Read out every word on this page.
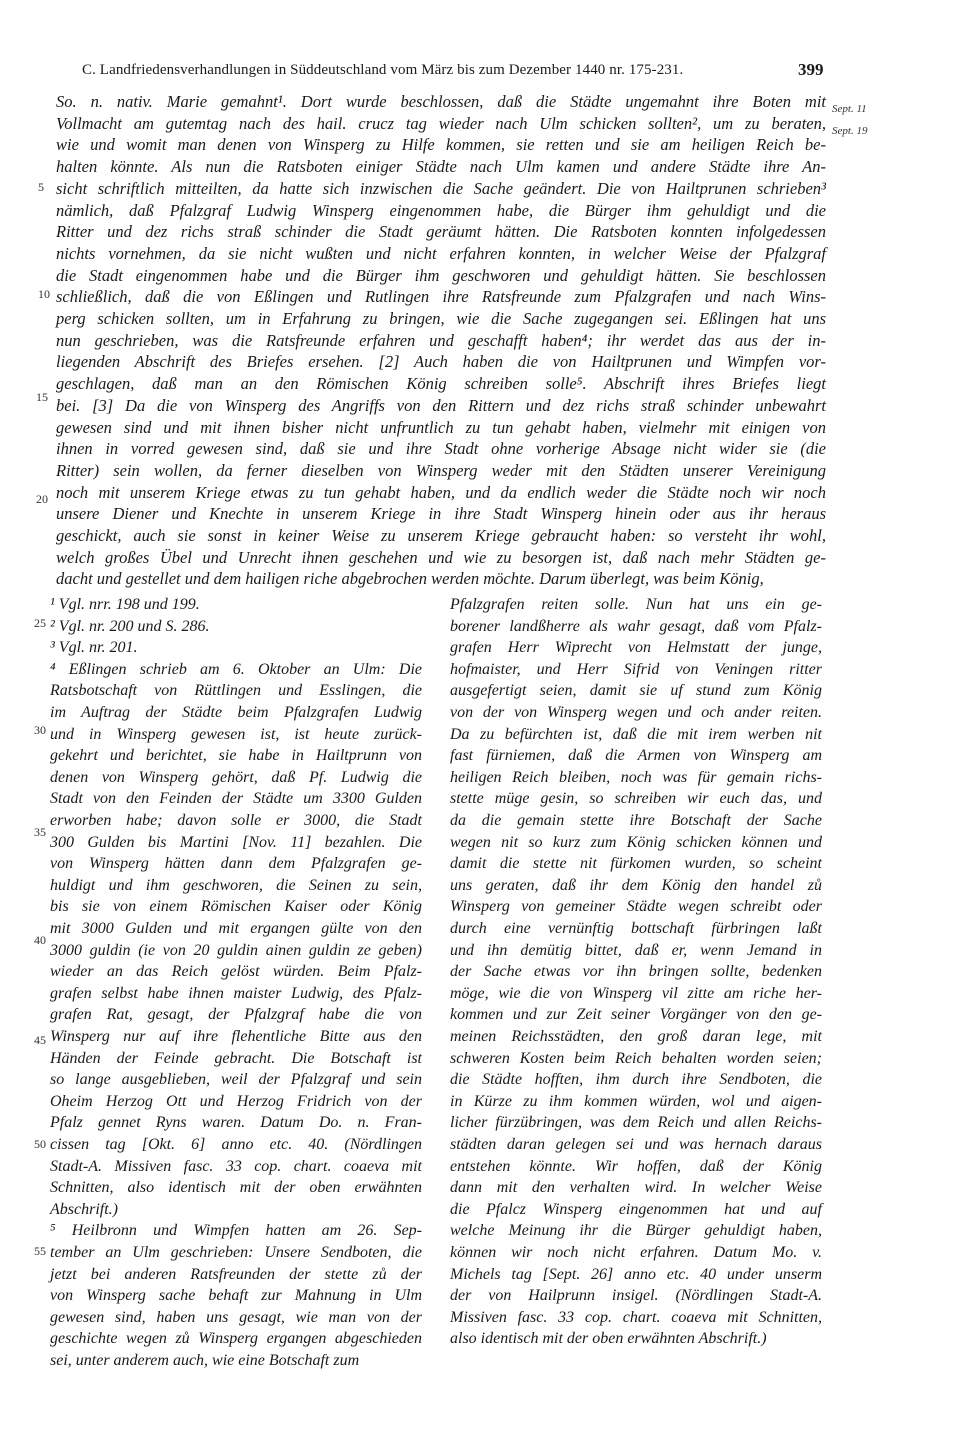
C. Landfriedensverhandlungen in Süddeutschland vom März bis zum Dezember 1440 nr. 175-231.	399
So. n. nativ. Marie gemahnt¹. Dort wurde beschlossen, daß die Städte ungemahnt ihre Boten mit
Vollmacht am gutemtag nach des hail. crucz tag wieder nach Ulm schicken sollten², um zu beraten,
wie und womit man denen von Winsperg zu Hilfe kommen, sie retten und sie am heiligen Reich be-
halten könnte. Als nun die Ratsboten einiger Städte nach Ulm kamen und andere Städte ihre An-
sicht schriftlich mitteilten, da hatte sich inzwischen die Sache geändert. Die von Hailtprunen schrieben³
nämlich, daß Pfalzgraf Ludwig Winsperg eingenommen habe, die Bürger ihm gehuldigt und die
Ritter und dez richs straß schinder die Stadt geräumt hätten. Die Ratsboten konnten infolgedessen
nichts vornehmen, da sie nicht wußten und nicht erfahren konnten, in welcher Weise der Pfalzgraf
die Stadt eingenommen habe und die Bürger ihm geschworen und gehuldigt hätten. Sie beschlossen
schließlich, daß die von Eßlingen und Rutlingen ihre Ratsfreunde zum Pfalzgrafen und nach Wins-
perg schicken sollten, um in Erfahrung zu bringen, wie die Sache zugegangen sei. Eßlingen hat uns
nun geschrieben, was die Ratsfreunde erfahren und geschafft haben⁴; ihr werdet das aus der in-
liegenden Abschrift des Briefes ersehen. [2] Auch haben die von Hailtprunen und Wimpfen vor-
geschlagen, daß man an den Römischen König schreiben solle⁵. Abschrift ihres Briefes liegt
bei. [3] Da die von Winsperg des Angriffs von den Rittern und dez richs straß schinder unbewahrt
gewesen sind und mit ihnen bisher nicht unfruntlich zu tun gehabt haben, vielmehr mit einigen von
ihnen in vorred gewesen sind, daß sie und ihre Stadt ohne vorherige Absage nicht wider sie (die
Ritter) sein wollen, da ferner dieselben von Winsperg weder mit den Städten unserer Vereinigung
noch mit unserem Kriege etwas zu tun gehabt haben, und da endlich weder die Städte noch wir noch
unsere Diener und Knechte in unserem Kriege in ihre Stadt Winsperg hinein oder aus ihr heraus
geschickt, auch sie sonst in keiner Weise zu unserem Kriege gebraucht haben: so versteht ihr wohl,
welch großes Übel und Unrecht ihnen geschehen und wie zu besorgen ist, daß nach mehr Städten ge-
dacht und gestellet und dem hailigen riche abgebrochen werden möchte. Darum überlegt, was beim König,
Sept. 11
Sept. 19
5
10
15
20
25
30
35
40
45
50
55
¹ Vgl. nrr. 198 und 199.
² Vgl. nr. 200 und S. 286.
³ Vgl. nr. 201.
⁴ Eßlingen schrieb am 6. Oktober an Ulm: Die
Ratsbotschaft von Rüttlingen und Esslingen, die
im Auftrag der Städte beim Pfalzgrafen Ludwig
und in Winsperg gewesen ist, ist heute zurück-
gekehrt und berichtet, sie habe in Hailtprunn von
denen von Winsperg gehört, daß Pf. Ludwig die
Stadt von den Feinden der Städte um 3300 Gulden
erworben habe; davon solle er 3000, die Stadt
300 Gulden bis Martini [Nov. 11] bezahlen. Die
von Winsperg hätten dann dem Pfalzgrafen ge-
huldigt und ihm geschworen, die Seinen zu sein,
bis sie von einem Römischen Kaiser oder König
mit 3000 Gulden und mit ergangen gülte von den
3000 guldin (ie von 20 guldin ainen guldin ze geben)
wieder an das Reich gelöst würden. Beim Pfalz-
grafen selbst habe ihnen maister Ludwig, des Pfalz-
grafen Rat, gesagt, der Pfalzgraf habe die von
Winsperg nur auf ihre flehentliche Bitte aus den
Händen der Feinde gebracht. Die Botschaft ist
so lange ausgeblieben, weil der Pfalzgraf und sein
Oheim Herzog Ott und Herzog Fridrich von der
Pfalz gennet Ryns waren. Datum Do. n. Fran-
cissen tag [Okt. 6] anno etc. 40. (Nördlingen
Stadt-A. Missiven fasc. 33 cop. chart. coaeva mit
Schnitten, also identisch mit der oben erwähnten
Abschrift.)
⁵ Heilbronn und Wimpfen hatten am 26. Sep-
tember an Ulm geschrieben: Unsere Sendboten, die
jetzt bei anderen Ratsfreunden der stette zů der
von Winsperg sache behaft zur Mahnung in Ulm
gewesen sind, haben uns gesagt, wie man von der
geschichte wegen zů Winsperg ergangen abgeschieden
sei, unter anderem auch, wie eine Botschaft zum
Pfalzgrafen reiten solle. Nun hat uns ein ge-
borener landßherre als wahr gesagt, daß vom Pfalz-
grafen Herr Wiprecht von Helmstatt der junge,
hofmaister, und Herr Sifrid von Veningen ritter
ausgefertigt seien, damit sie uf stund zum König
von der von Winsperg wegen und och ander reiten.
Da zu befürchten ist, daß die mit irem werben nit
fast fürniemen, daß die Armen von Winsperg am
heiligen Reich bleiben, noch was für gemain richs-
stette müge gesin, so schreiben wir euch das, und
da die gemain stette ihre Botschaft der Sache
wegen nit so kurz zum König schicken können und
damit die stette nit fürkomen wurden, so scheint
uns geraten, daß ihr dem König den handel zů
Winsperg von gemeiner Städte wegen schreibt oder
durch eine vernünftig bottschaft fürbringen laßt
und ihn demütig bittet, daß er, wenn Jemand in
der Sache etwas vor ihn bringen sollte, bedenken
möge, wie die von Winsperg vil zitte am riche her-
kommen und zur Zeit seiner Vorgänger von den ge-
meinen Reichsstädten, den groß daran lege, mit
schweren Kosten beim Reich behalten worden seien;
die Städte hofften, ihm durch ihre Sendboten, die
in Kürze zu ihm kommen würden, wol und aigen-
licher fürzübringen, was dem Reich und allen Reichs-
städten daran gelegen sei und was hernach daraus
entstehen könnte. Wir hoffen, daß der König
dann mit den verhalten wird. In welcher Weise
die Pfalcz Winsperg eingenommen hat und auf
welche Meinung ihr die Bürger gehuldigt haben,
können wir noch nicht erfahren. Datum Mo. v.
Michels tag [Sept. 26] anno etc. 40 under unserm
der von Hailprunn insigel. (Nördlingen Stadt-A.
Missiven fasc. 33 cop. chart. coaeva mit Schnitten,
also identisch mit der oben erwähnten Abschrift.)
